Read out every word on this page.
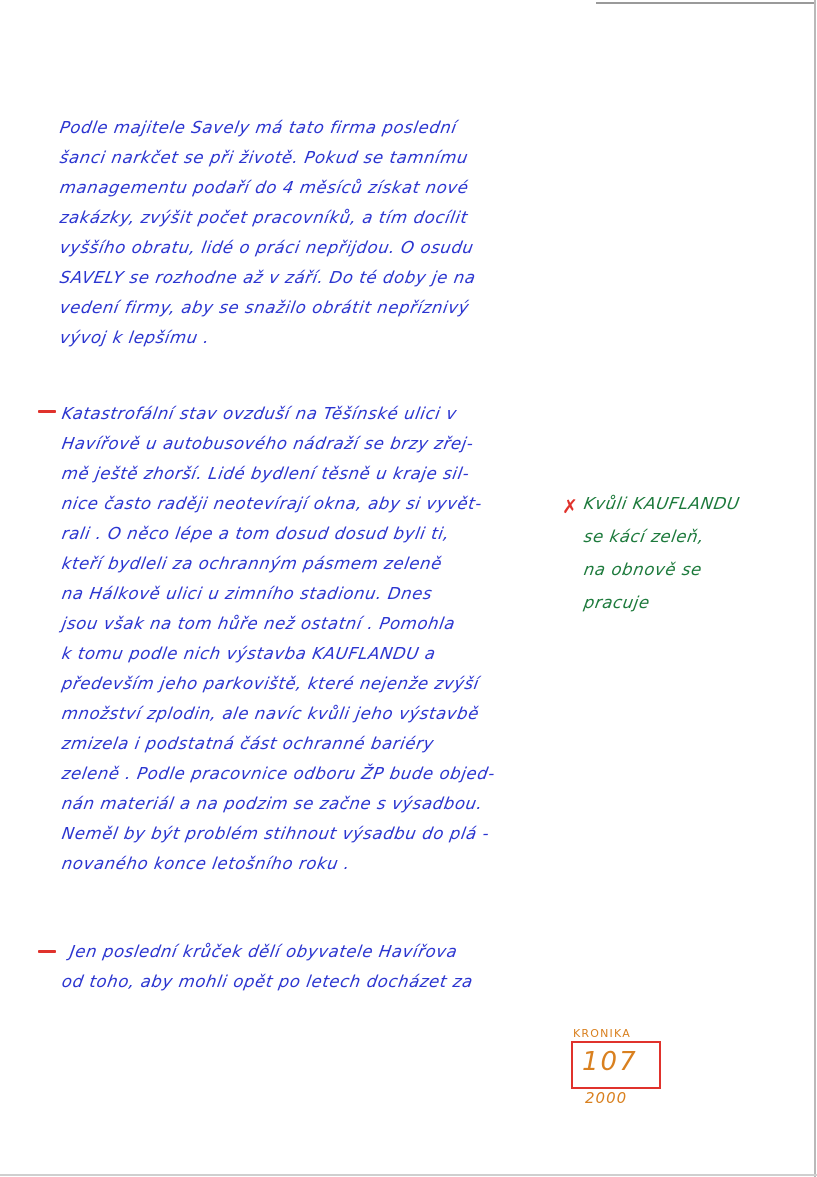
Podle majitele Savely má tato firma poslední
šanci narkčet se při životě. Pokud se tamnímu
managementu podaří do 4 měsíců získat nové
zakázky, zvýšit počet pracovníků, a tím docílit
vyššího obratu, lidé o práci nepřijdou. O osudu
SAVELY se rozhodne až v září. Do té doby je na
vedení firmy, aby se snažilo obrátit nepříznivý
vývoj k lepšímu .
Katastrofální stav ovzduší na Těšínské ulici v
Havířově u autobusového nádraží se brzy zřej-
mě ještě zhorší. Lidé bydlení těsně u kraje sil-
nice často raději neotevírají okna, aby si vyvět-
rali . O něco lépe a tom dosud dosud byli ti,
kteří bydleli za ochranným pásmem zeleně
na Hálkově ulici u zimního stadionu. Dnes
jsou však na tom hůře než ostatní . Pomohla
k tomu podle nich výstavba KAUFLANDU a
především jeho parkoviště, které nejenže zvýší
množství zplodin, ale navíc kvůli jeho výstavbě
zmizela i podstatná část ochranné bariéry
zeleně . Podle pracovnice odboru ŽP bude objed-
nán materiál a na podzim se začne s výsadbou.
Neměl by být problém stihnout výsadbu do plá -
novaného konce letošního roku .
✗ Kvůli KAUFLANDU
se kácí zeleň,
na obnově se
pracuje
Jen poslední krůček dělí obyvatele Havířova
od toho, aby mohli opět po letech docházet za
KRONIKA
107
2000
